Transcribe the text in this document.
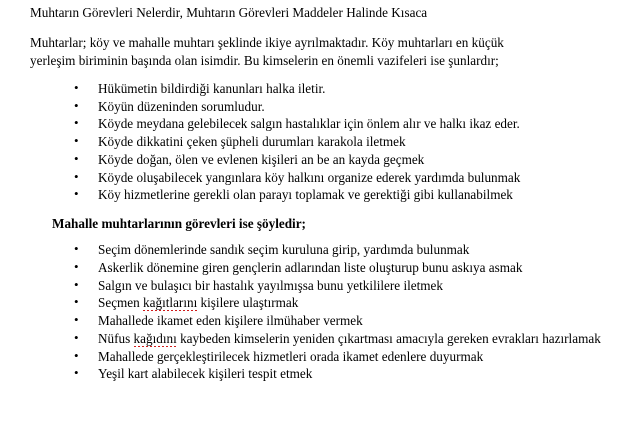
Muhtarın Görevleri Nelerdir, Muhtarın Görevleri Maddeler Halinde Kısaca
Muhtarlar; köy ve mahalle muhtarı şeklinde ikiye ayrılmaktadır. Köy muhtarları en küçük
yerleşim biriminin başında olan isimdir. Bu kimselerin en önemli vazifeleri ise şunlardır;
• Hükümetin bildirdiği kanunları halka iletir.
• Köyün düzeninden sorumludur.
• Köyde meydana gelebilecek salgın hastalıklar için önlem alır ve halkı ikaz eder.
• Köyde dikkatini çeken şüpheli durumları karakola iletmek
• Köyde doğan, ölen ve evlenen kişileri an be an kayda geçmek
• Köyde oluşabilecek yangınlara köy halkını organize ederek yardımda bulunmak
• Köy hizmetlerine gerekli olan parayı toplamak ve gerektiği gibi kullanabilmek
Mahalle muhtarlarının görevleri ise şöyledir;
• Seçim dönemlerinde sandık seçim kuruluna girip, yardımda bulunmak
• Askerlik dönemine giren gençlerin adlarından liste oluşturup bunu askıya asmak
• Salgın ve bulaşıcı bir hastalık yayılmışsa bunu yetkililere iletmek
• Seçmen kağıtlarını kişilere ulaştırmak
• Mahallede ikamet eden kişilere ilmühaber vermek
• Nüfus kağıdını kaybeden kimselerin yeniden çıkartması amacıyla gereken evrakları hazırlamak
• Mahallede gerçekleştirilecek hizmetleri orada ikamet edenlere duyurmak
• Yeşil kart alabilecek kişileri tespit etmek
